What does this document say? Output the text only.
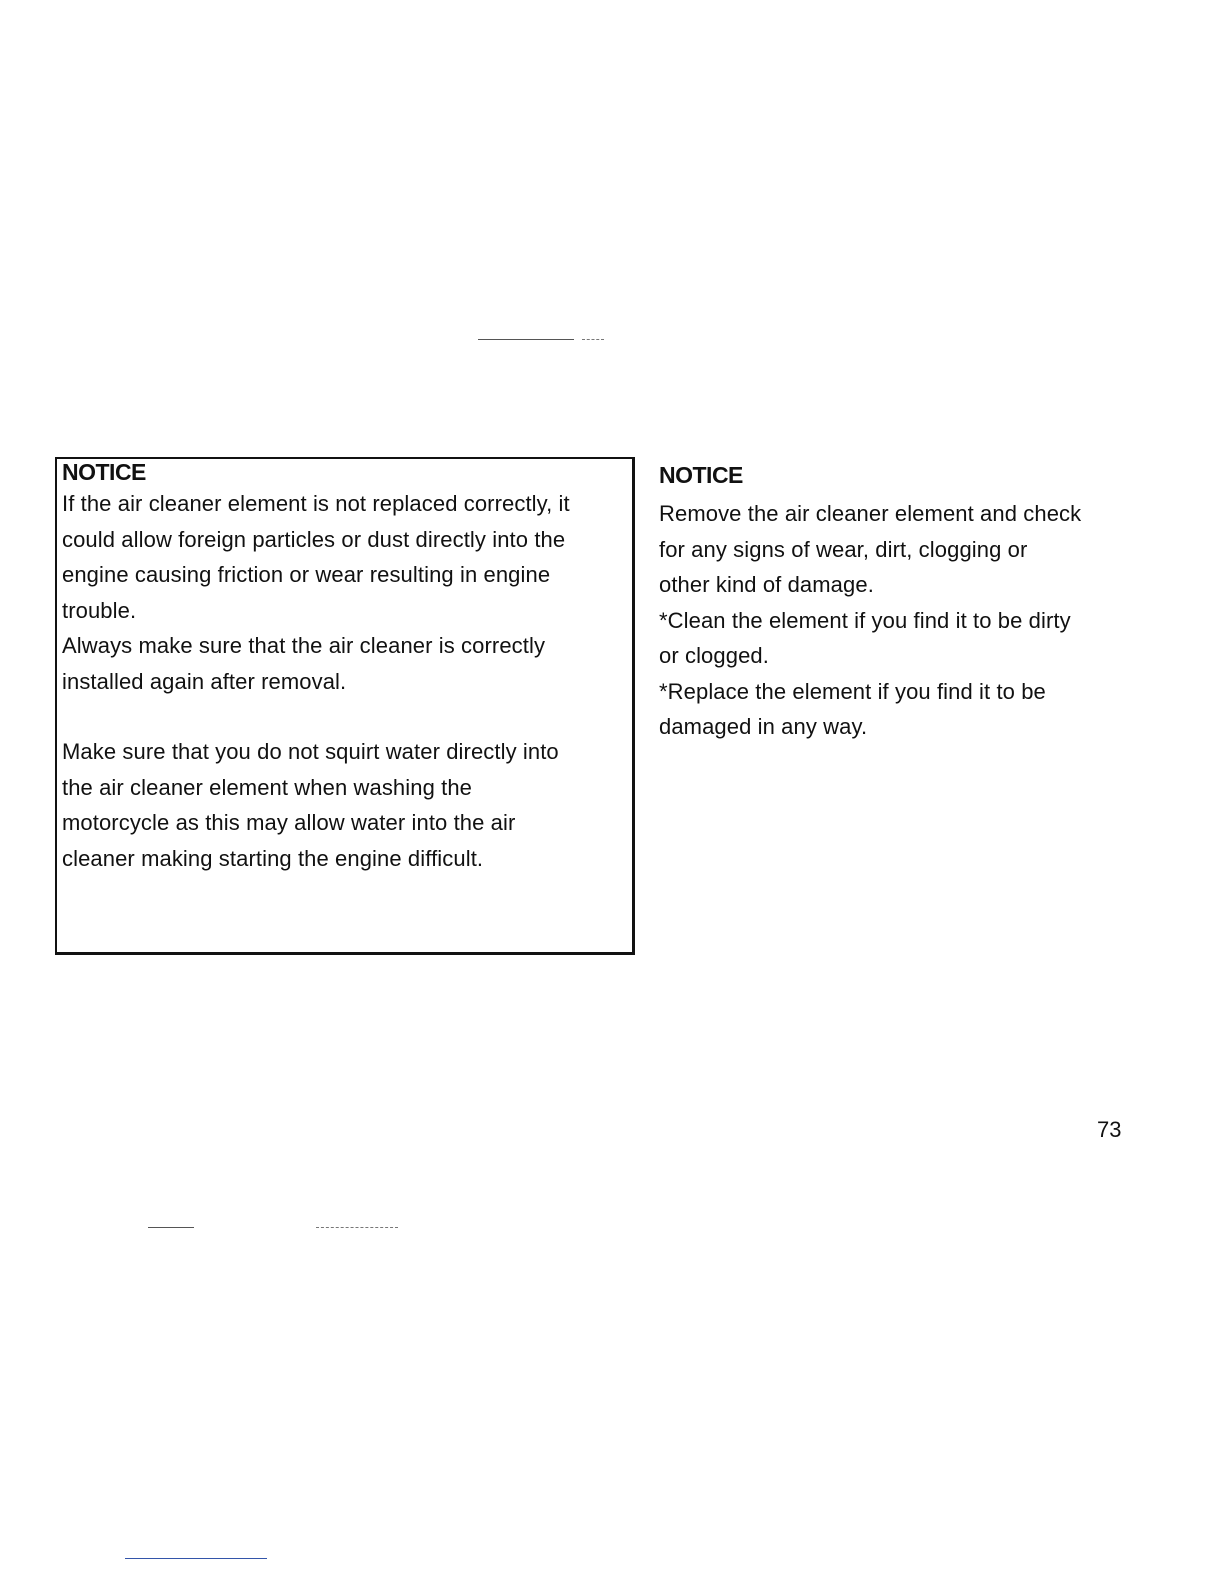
NOTICE

If the air cleaner element is not replaced correctly, it

could allow foreign particles or dust directly into the

engine causing friction or wear resulting in engine

trouble.

Always make sure that the air cleaner is correctly

installed again after removal.

Make sure that you do not squirt water directly into

the air cleaner element when washing the

motorcycle as this may allow water into the air

cleaner making starting the engine difficult.

NOTICE

Remove the air cleaner element and check

for any signs of wear, dirt, clogging or

other kind of damage.

*Clean the element if you find it to be dirty

or clogged.

*Replace the element if you find it to be

damaged in any way.

73
